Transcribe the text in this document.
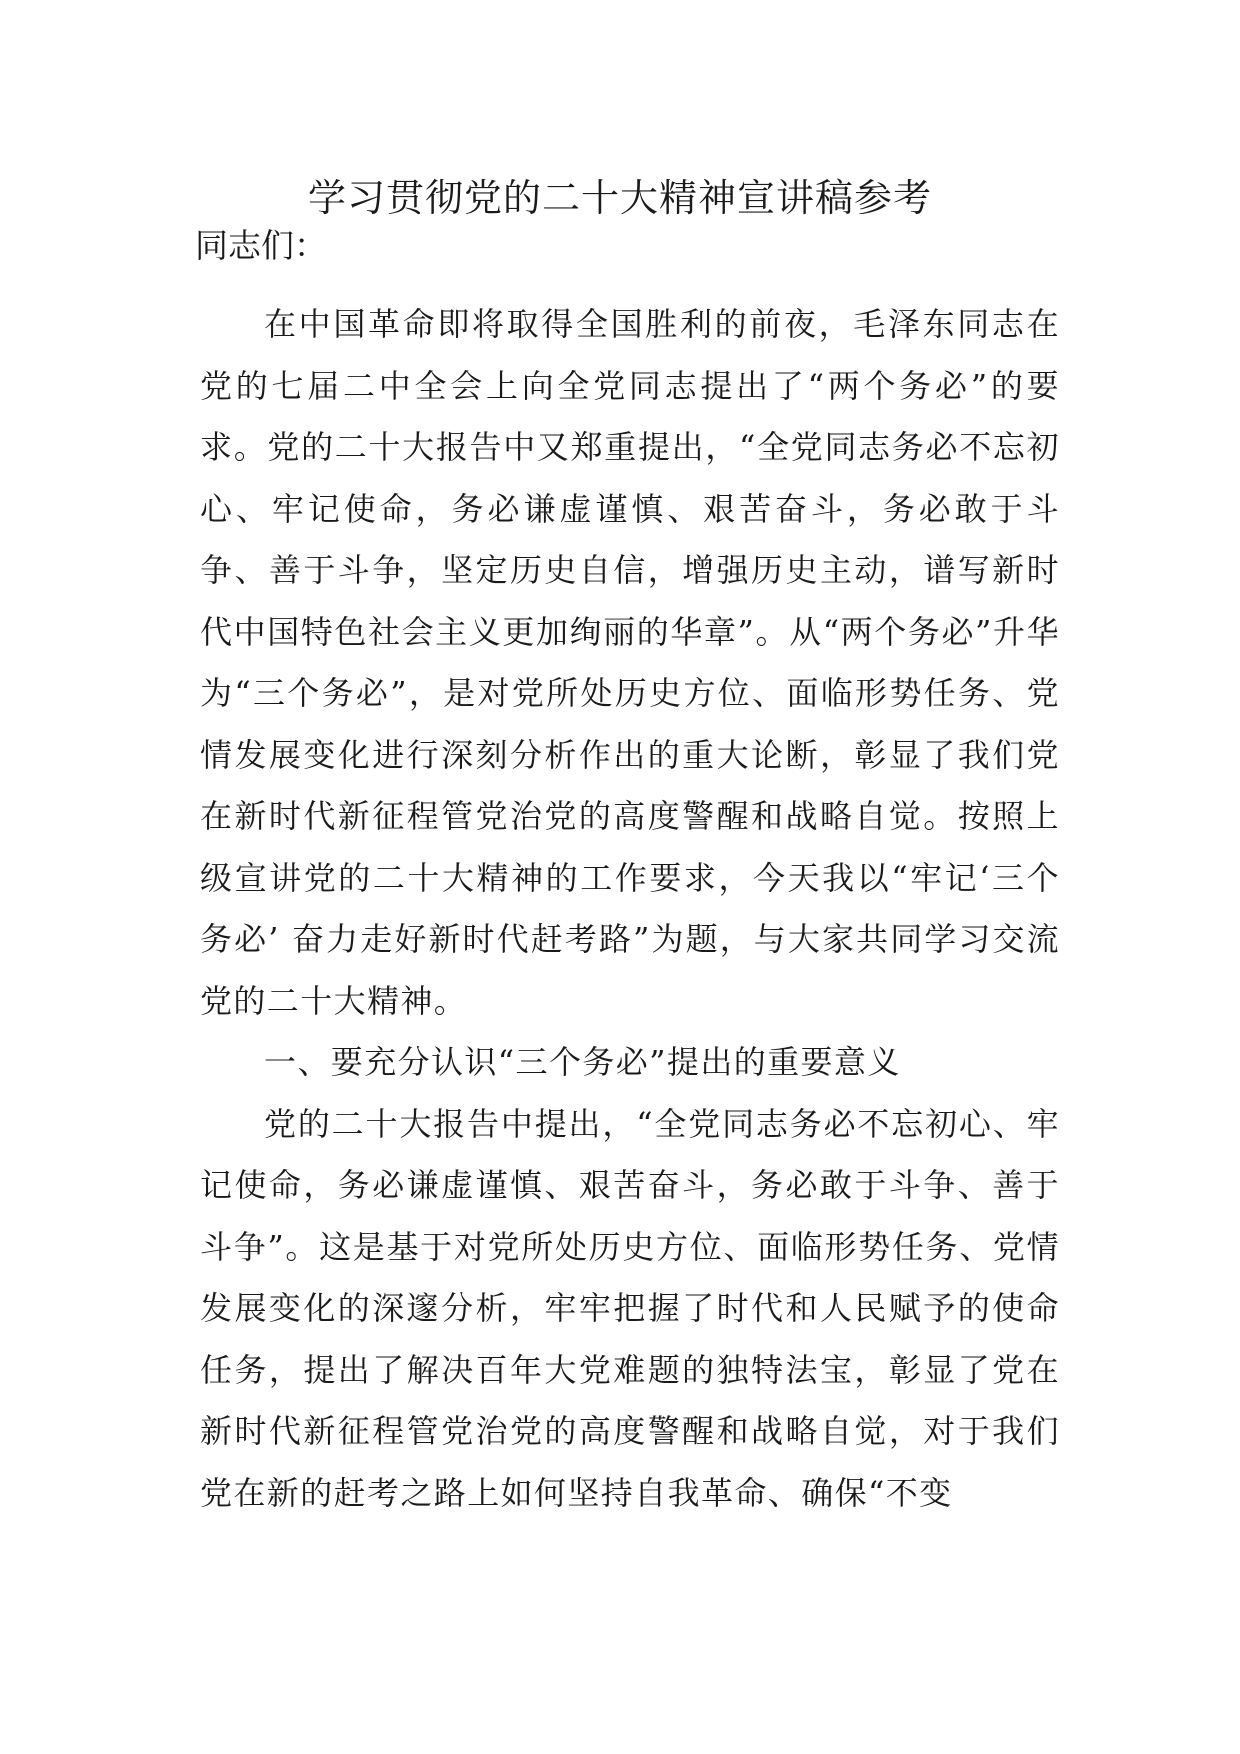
学习贯彻党的二十大精神宣讲稿参考
同志们：

在中国革命即将取得全国胜利的前夜，毛泽东同志在党的七届二中全会上向全党同志提出了“两个务必”的要求。党的二十大报告中又郑重提出，“全党同志务必不忘初心、牢记使命，务必谦虚谨慎、艰苦奋斗，务必敢于斗争、善于斗争，坚定历史自信，增强历史主动，谱写新时代中国特色社会主义更加绚丽的华章”。从“两个务必”升华为“三个务必”，是对党所处历史方位、面临形势任务、党情发展变化进行深刻分析作出的重大论断，彰显了我们党在新时代新征程管党治党的高度警醒和战略自觉。按照上级宣讲党的二十大精神的工作要求，今天我以“牢记‘三个务必’ 奋力走好新时代赶考路”为题，与大家共同学习交流党的二十大精神。

一、要充分认识“三个务必”提出的重要意义

党的二十大报告中提出，“全党同志务必不忘初心、牢记使命，务必谦虚谨慎、艰苦奋斗，务必敢于斗争、善于斗争”。这是基于对党所处历史方位、面临形势任务、党情发展变化的深邃分析，牢牢把握了时代和人民赋予的使命任务，提出了解决百年大党难题的独特法宝，彰显了党在新时代新征程管党治党的高度警醒和战略自觉，对于我们党在新的赶考之路上如何坚持自我革命、确保“不变
